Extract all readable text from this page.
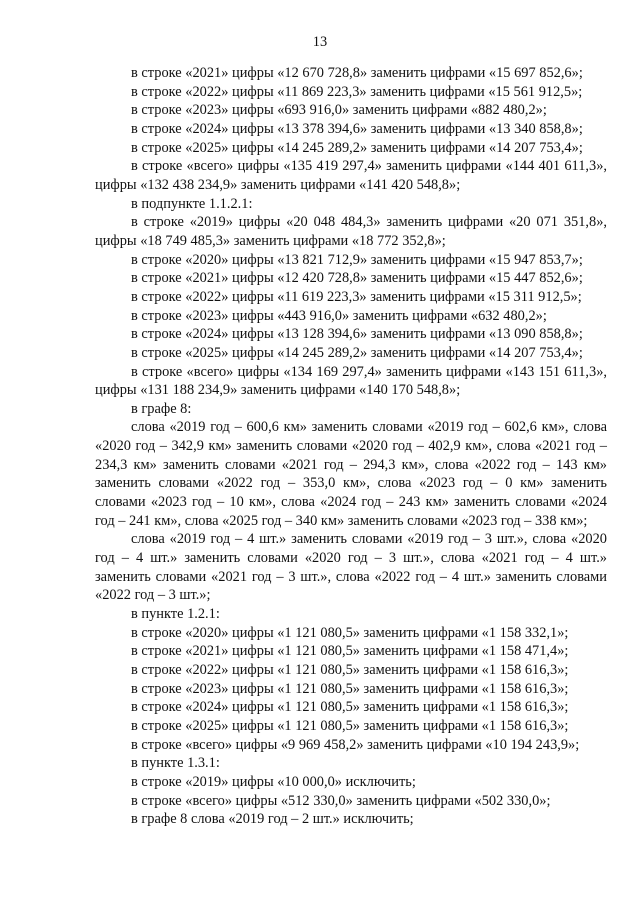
13
в строке «2021» цифры «12 670 728,8» заменить цифрами «15 697 852,6»;
в строке «2022» цифры «11 869 223,3» заменить цифрами «15 561 912,5»;
в строке «2023» цифры «693 916,0» заменить цифрами «882 480,2»;
в строке «2024» цифры «13 378 394,6» заменить цифрами «13 340 858,8»;
в строке «2025» цифры «14 245 289,2» заменить цифрами «14 207 753,4»;
в строке «всего» цифры «135 419 297,4» заменить цифрами «144 401 611,3», цифры «132 438 234,9» заменить цифрами «141 420 548,8»;
в подпункте 1.1.2.1:
в строке «2019» цифры «20 048 484,3» заменить цифрами «20 071 351,8», цифры «18 749 485,3» заменить цифрами «18 772 352,8»;
в строке «2020» цифры «13 821 712,9» заменить цифрами «15 947 853,7»;
в строке «2021» цифры «12 420 728,8» заменить цифрами «15 447 852,6»;
в строке «2022» цифры «11 619 223,3» заменить цифрами «15 311 912,5»;
в строке «2023» цифры «443 916,0» заменить цифрами «632 480,2»;
в строке «2024» цифры «13 128 394,6» заменить цифрами «13 090 858,8»;
в строке «2025» цифры «14 245 289,2» заменить цифрами «14 207 753,4»;
в строке «всего» цифры «134 169 297,4» заменить цифрами «143 151 611,3», цифры «131 188 234,9» заменить цифрами «140 170 548,8»;
в графе 8:
слова «2019 год – 600,6 км» заменить словами «2019 год – 602,6 км», слова «2020 год – 342,9 км» заменить словами «2020 год – 402,9 км», слова «2021 год – 234,3 км» заменить словами «2021 год – 294,3 км», слова «2022 год – 143 км» заменить словами «2022 год – 353,0 км», слова «2023 год – 0 км» заменить словами «2023 год – 10 км», слова «2024 год – 243 км» заменить словами «2024 год – 241 км», слова «2025 год – 340 км» заменить словами «2023 год – 338 км»;
слова «2019 год – 4 шт.» заменить словами «2019 год – 3 шт.», слова «2020 год – 4 шт.» заменить словами «2020 год – 3 шт.», слова «2021 год – 4 шт.» заменить словами «2021 год – 3 шт.», слова «2022 год – 4 шт.» заменить словами «2022 год – 3 шт.»;
в пункте 1.2.1:
в строке «2020» цифры «1 121 080,5» заменить цифрами «1 158 332,1»;
в строке «2021» цифры «1 121 080,5» заменить цифрами «1 158 471,4»;
в строке «2022» цифры «1 121 080,5» заменить цифрами «1 158 616,3»;
в строке «2023» цифры «1 121 080,5» заменить цифрами «1 158 616,3»;
в строке «2024» цифры «1 121 080,5» заменить цифрами «1 158 616,3»;
в строке «2025» цифры «1 121 080,5» заменить цифрами «1 158 616,3»;
в строке «всего» цифры «9 969 458,2» заменить цифрами «10 194 243,9»;
в пункте 1.3.1:
в строке «2019» цифры «10 000,0» исключить;
в строке «всего» цифры «512 330,0» заменить цифрами «502 330,0»;
в графе 8 слова «2019 год – 2 шт.» исключить;
